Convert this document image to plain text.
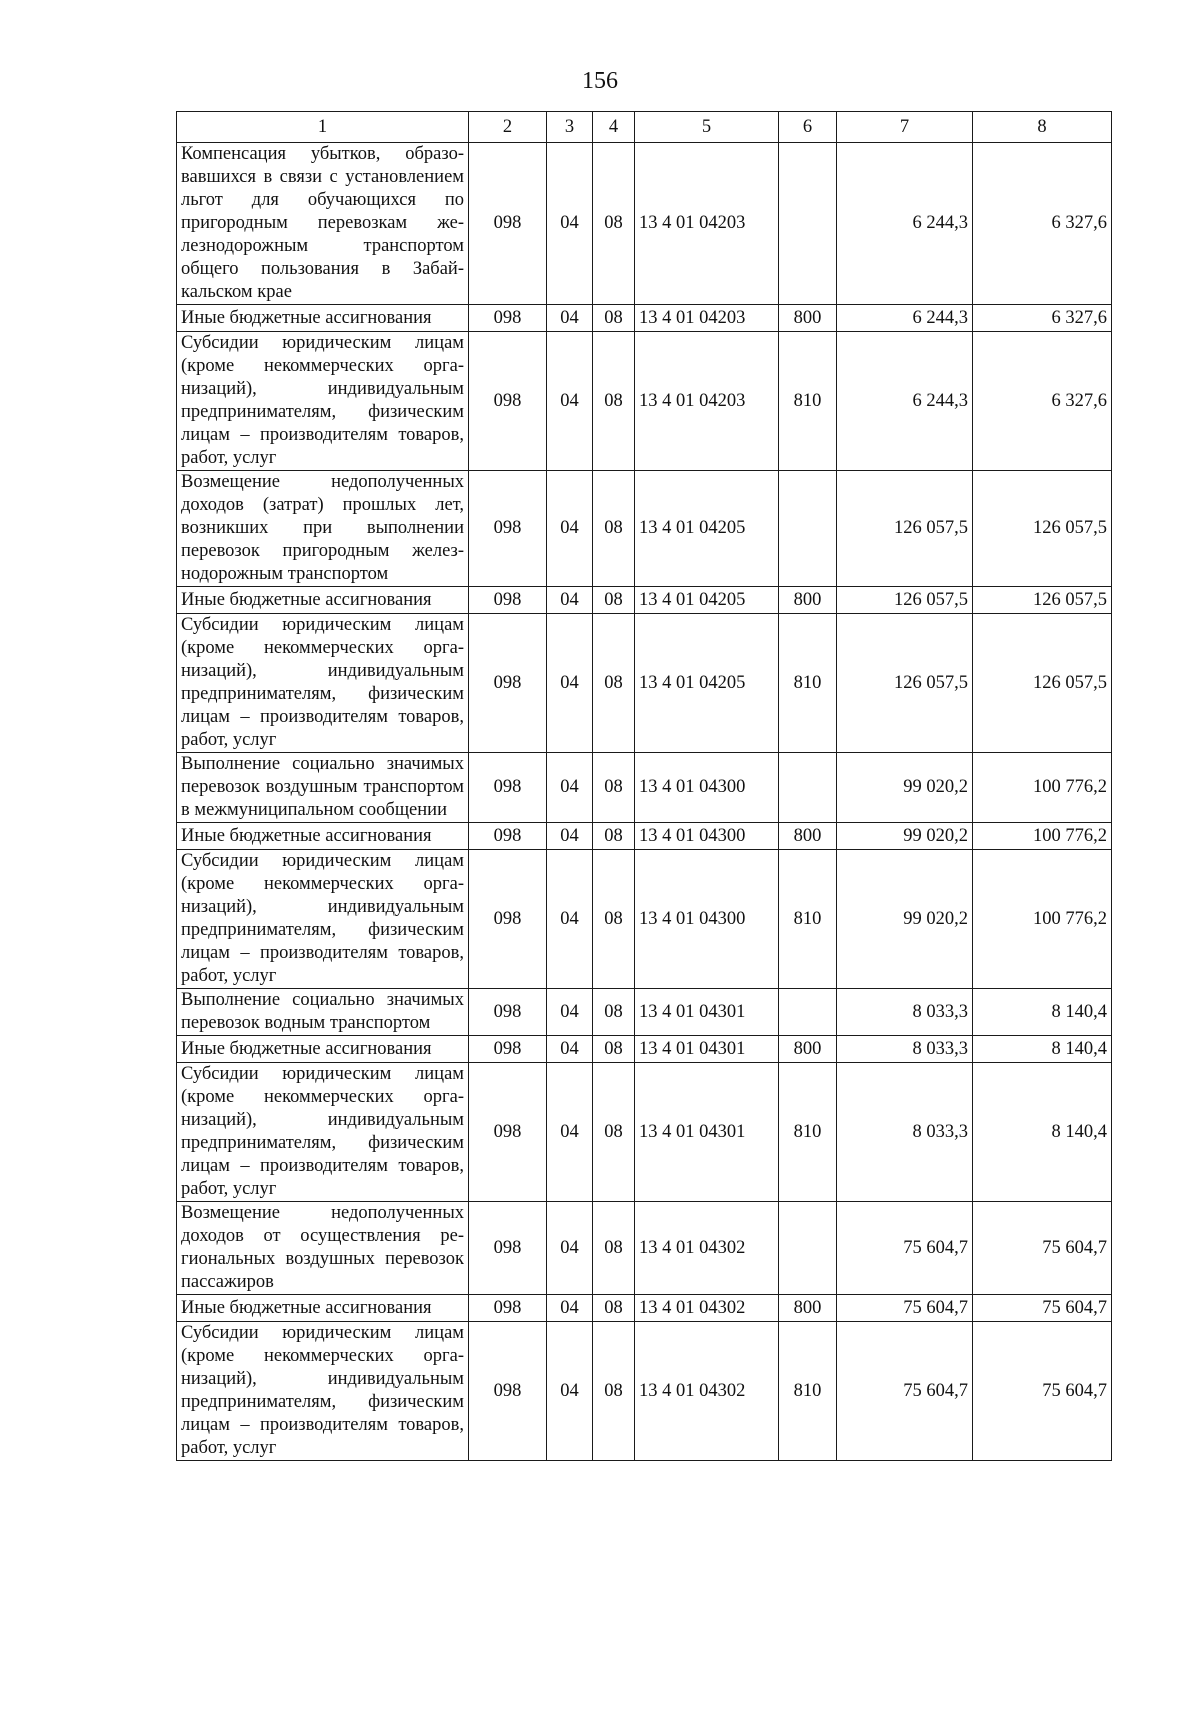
156
1	2	3	4	5	6	7	8
Компенсация убытков, образовавшихся в связи с установлением льгот для обучающихся по пригородным перевозкам железнодорожным транспортом общего пользования в Забайкальском крае	098	04	08	13 4 01 04203		6 244,3	6 327,6
Иные бюджетные ассигнования	098	04	08	13 4 01 04203	800	6 244,3	6 327,6
Субсидии юридическим лицам (кроме некоммерческих организаций), индивидуальным предпринимателям, физическим лицам – производителям товаров, работ, услуг	098	04	08	13 4 01 04203	810	6 244,3	6 327,6
Возмещение недополученных доходов (затрат) прошлых лет, возникших при выполнении перевозок пригородным железнодорожным транспортом	098	04	08	13 4 01 04205		126 057,5	126 057,5
Иные бюджетные ассигнования	098	04	08	13 4 01 04205	800	126 057,5	126 057,5
Субсидии юридическим лицам (кроме некоммерческих организаций), индивидуальным предпринимателям, физическим лицам – производителям товаров, работ, услуг	098	04	08	13 4 01 04205	810	126 057,5	126 057,5
Выполнение социально значимых перевозок воздушным транспортом в межмуниципальном сообщении	098	04	08	13 4 01 04300		99 020,2	100 776,2
Иные бюджетные ассигнования	098	04	08	13 4 01 04300	800	99 020,2	100 776,2
Субсидии юридическим лицам (кроме некоммерческих организаций), индивидуальным предпринимателям, физическим лицам – производителям товаров, работ, услуг	098	04	08	13 4 01 04300	810	99 020,2	100 776,2
Выполнение социально значимых перевозок водным транспортом	098	04	08	13 4 01 04301		8 033,3	8 140,4
Иные бюджетные ассигнования	098	04	08	13 4 01 04301	800	8 033,3	8 140,4
Субсидии юридическим лицам (кроме некоммерческих организаций), индивидуальным предпринимателям, физическим лицам – производителям товаров, работ, услуг	098	04	08	13 4 01 04301	810	8 033,3	8 140,4
Возмещение недополученных доходов от осуществления региональных воздушных перевозок пассажиров	098	04	08	13 4 01 04302		75 604,7	75 604,7
Иные бюджетные ассигнования	098	04	08	13 4 01 04302	800	75 604,7	75 604,7
Субсидии юридическим лицам (кроме некоммерческих организаций), индивидуальным предпринимателям, физическим лицам – производителям товаров, работ, услуг	098	04	08	13 4 01 04302	810	75 604,7	75 604,7
